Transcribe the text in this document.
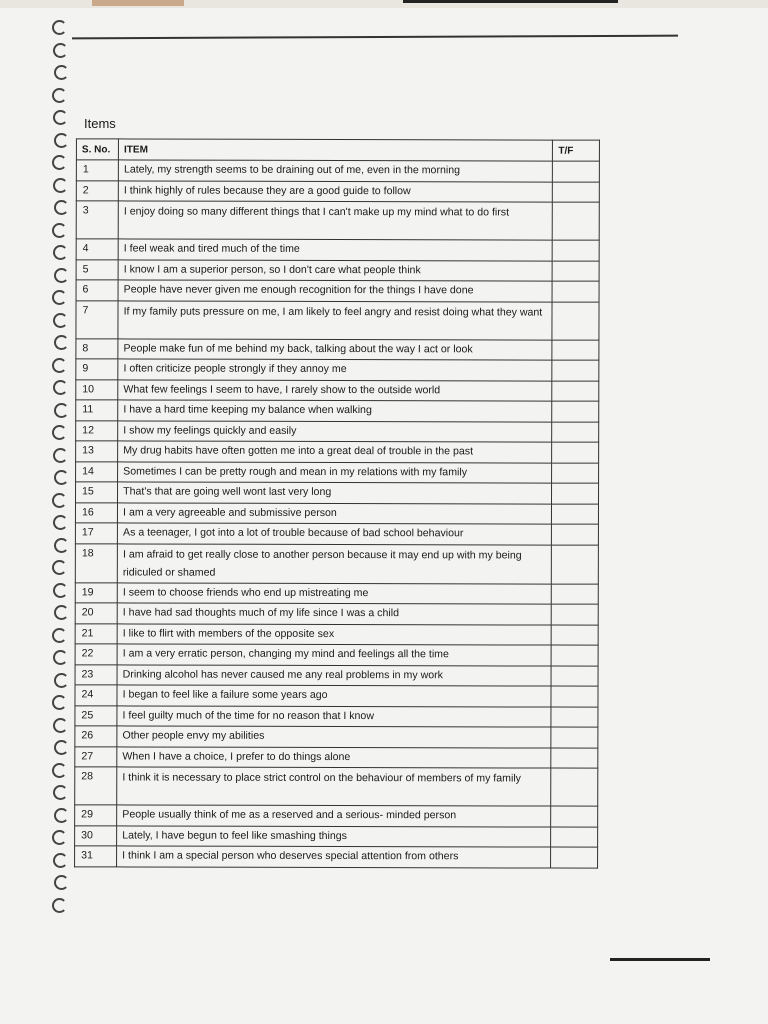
Items
S. No.	ITEM	T/F
1	Lately, my strength seems to be draining out of me, even in the morning	
2	I think highly of rules because they are a good guide to follow	
3	I enjoy doing so many different things that I can't make up my mind what to do first	
4	I feel weak and tired much of the time	
5	I know I am a superior person, so I don't care what people think	
6	People have never given me enough recognition for the things I have done	
7	If my family puts pressure on me, I am likely to feel angry and resist doing what they want	
8	People make fun of me behind my back, talking about the way I act or look	
9	I often criticize people strongly if they annoy me	
10	What few feelings I seem to have, I rarely show to the outside world	
11	I have a hard time keeping my balance when walking	
12	I show my feelings quickly and easily	
13	My drug habits have often gotten me into a great deal of trouble in the past	
14	Sometimes I can be pretty rough and mean in my relations with my family	
15	That's that are going well wont last very long	
16	I am a very agreeable and submissive person	
17	As a teenager, I got into a lot of trouble because of bad school behaviour	
18	I am afraid to get really close to another person because it may end up with my being ridiculed or shamed	
19	I seem to choose friends who end up mistreating me	
20	I have had sad thoughts much of my life since I was a child	
21	I like to flirt with members of the opposite sex	
22	I am a very erratic person, changing my mind and feelings all the time	
23	Drinking alcohol has never caused me any real problems in my work	
24	I began to feel like a failure some years ago	
25	I feel guilty much of the time for no reason that I know	
26	Other people envy my abilities	
27	When I have a choice, I prefer to do things alone	
28	I think it is necessary to place strict control on the behaviour of members of my family	
29	People usually think of me as a reserved and a serious- minded person	
30	Lately, I have begun to feel like smashing things	
31	I think I am a special person who deserves special attention from others	
